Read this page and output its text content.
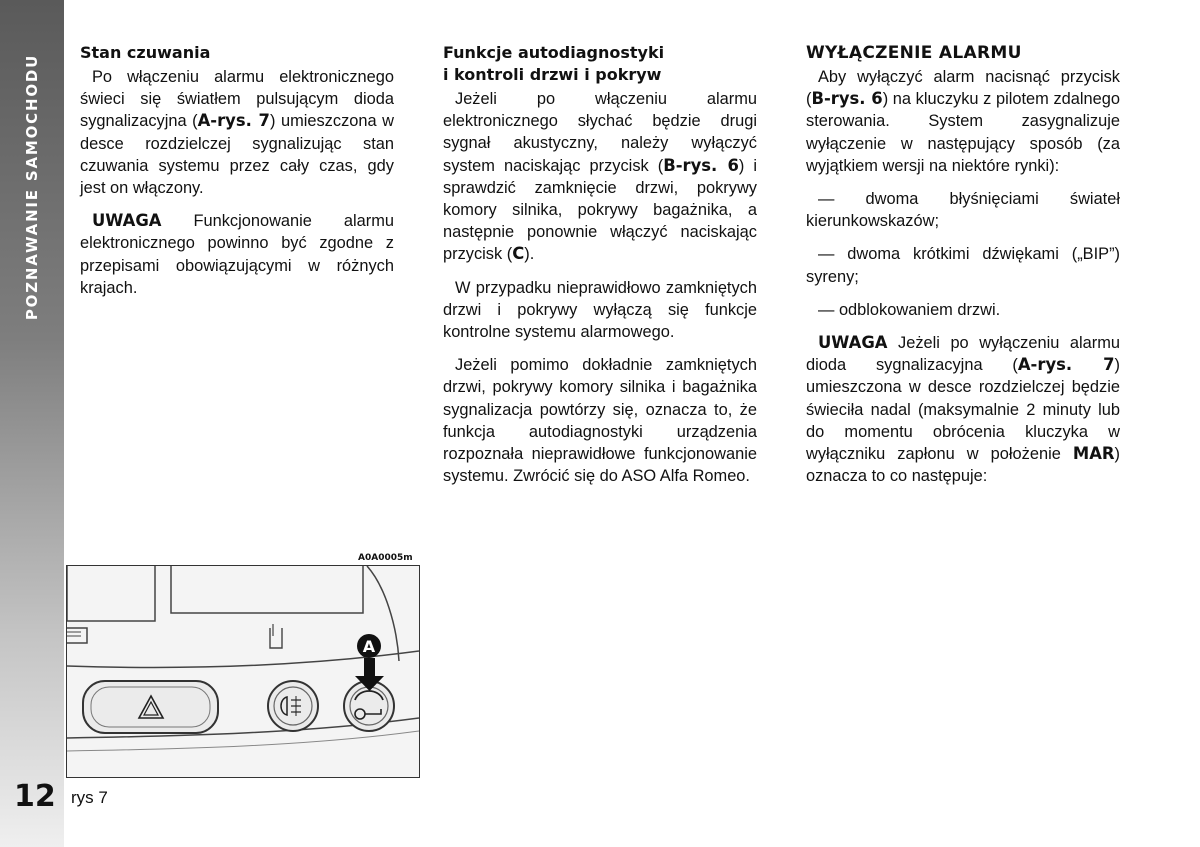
POZNAWANIE SAMOCHODU
12
Stan czuwania

Po włączeniu alarmu elektronicznego świeci się światłem pulsującym dioda sygnalizacyjna (A-rys. 7) umieszczona w desce rozdzielczej sygnalizując stan czuwania systemu przez cały czas, gdy jest on włączony.

UWAGA Funkcjonowanie alarmu elektronicznego powinno być zgodne z przepisami obowiązującymi w różnych krajach.

Funkcje autodiagnostyki
i kontroli drzwi i pokryw

Jeżeli po włączeniu alarmu elektronicznego słychać będzie drugi sygnał akustyczny, należy wyłączyć system naciskając przycisk (B-rys. 6) i sprawdzić zamknięcie drzwi, pokrywy komory silnika, pokrywy bagażnika, a następnie ponownie włączyć naciskając przycisk (C).

W przypadku nieprawidłowo zamkniętych drzwi i pokrywy wyłączą się funkcje kontrolne systemu alarmowego.

Jeżeli pomimo dokładnie zamkniętych drzwi, pokrywy komory silnika i bagażnika sygnalizacja powtórzy się, oznacza to, że funkcja autodiagnostyki urządzenia rozpoznała nieprawidłowe funkcjonowanie systemu. Zwrócić się do ASO Alfa Romeo.

WYŁĄCZENIE ALARMU

Aby wyłączyć alarm nacisnąć przycisk (B-rys. 6) na kluczyku z pilotem zdalnego sterowania. System zasygnalizuje wyłączenie w następujący sposób (za wyjątkiem wersji na niektóre rynki):

— dwoma błyśnięciami świateł kierunkowskazów;

— dwoma krótkimi dźwiękami („BIP”) syreny;

— odblokowaniem drzwi.

UWAGA Jeżeli po wyłączeniu alarmu dioda sygnalizacyjna (A-rys. 7) umieszczona w desce rozdzielczej będzie świeciła nadal (maksymalnie 2 minuty lub do momentu obrócenia kluczyka w wyłączniku zapłonu w położenie MAR) oznacza to co następuje:

A0A0005m
A
rys 7
